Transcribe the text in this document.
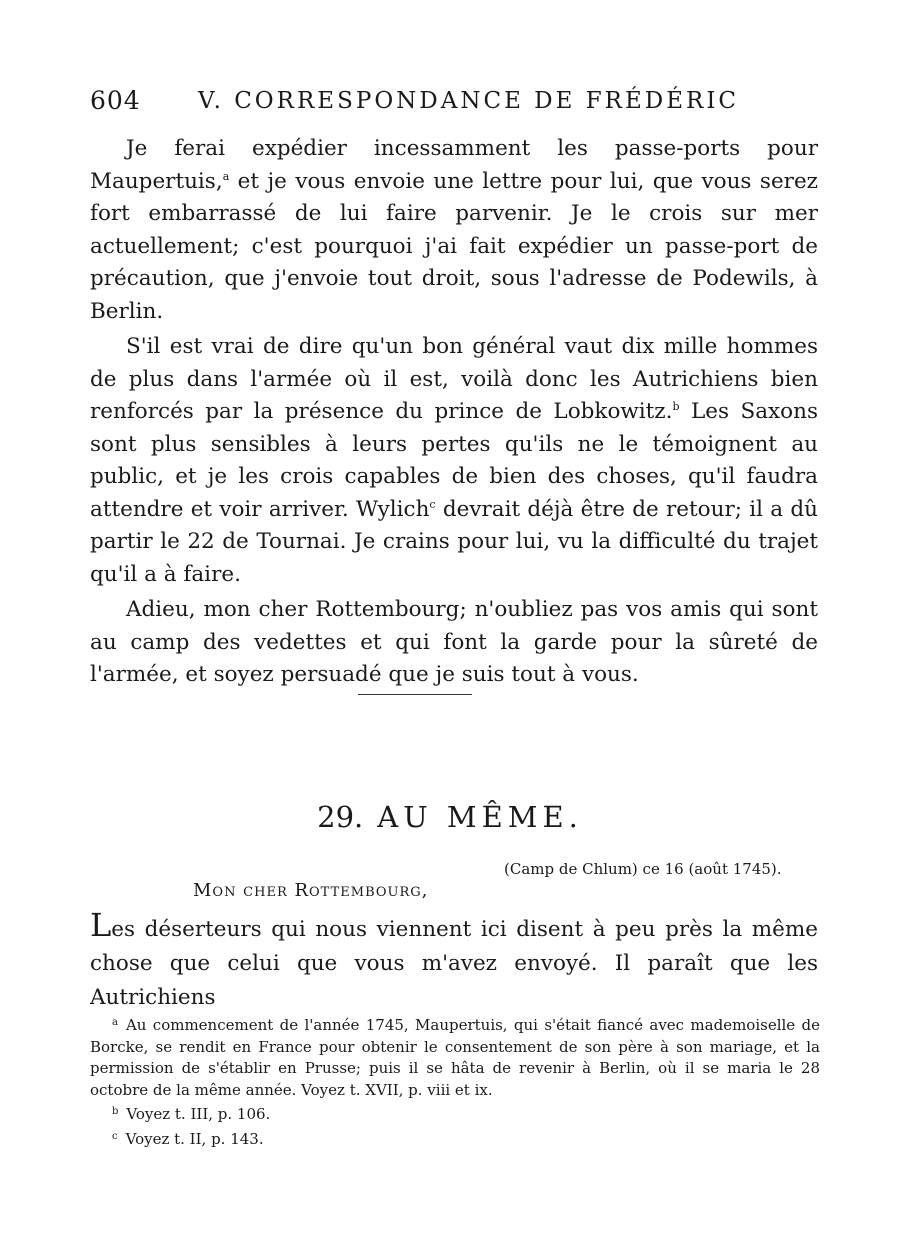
604 V. CORRESPONDANCE DE FRÉDÉRIC

Je ferai expédier incessamment les passe-ports pour Maupertuis,$^a$ et je vous envoie une lettre pour lui, que vous serez fort embarrassé de lui faire parvenir. Je le crois sur mer actuellement; c'est pourquoi j'ai fait expédier un passe-port de précaution, que j'envoie tout droit, sous l'adresse de Podewils, à Berlin.

S'il est vrai de dire qu'un bon général vaut dix mille hommes de plus dans l'armée où il est, voilà donc les Autrichiens bien renforcés par la présence du prince de Lobkowitz.$^b$ Les Saxons sont plus sensibles à leurs pertes qu'ils ne le témoignent au public, et je les crois capables de bien des choses, qu'il faudra attendre et voir arriver. Wylich$^c$ devrait déjà être de retour; il a dû partir le 22 de Tournai. Je crains pour lui, vu la difficulté du trajet qu'il a à faire.

Adieu, mon cher Rottembourg; n'oubliez pas vos amis qui sont au camp des vedettes et qui font la garde pour la sûreté de l'armée, et soyez persuadé que je suis tout à vous.

29. AU MÊME.
(Camp de Chlum) ce 16 (août 1745).
Mon cher Rottembourg,

Les déserteurs qui nous viennent ici disent à peu près la même chose que celui que vous m'avez envoyé. Il paraît que les Autrichiens

$^a$ Au commencement de l'année 1745, Maupertuis, qui s'était fiancé avec mademoiselle de Borcke, se rendit en France pour obtenir le consentement de son père à son mariage, et la permission de s'établir en Prusse; puis il se hâta de revenir à Berlin, où il se maria le 28 octobre de la même année. Voyez t. XVII, p. viii et ix.

$^b$ Voyez t. III, p. 106.

$^c$ Voyez t. II, p. 143.
